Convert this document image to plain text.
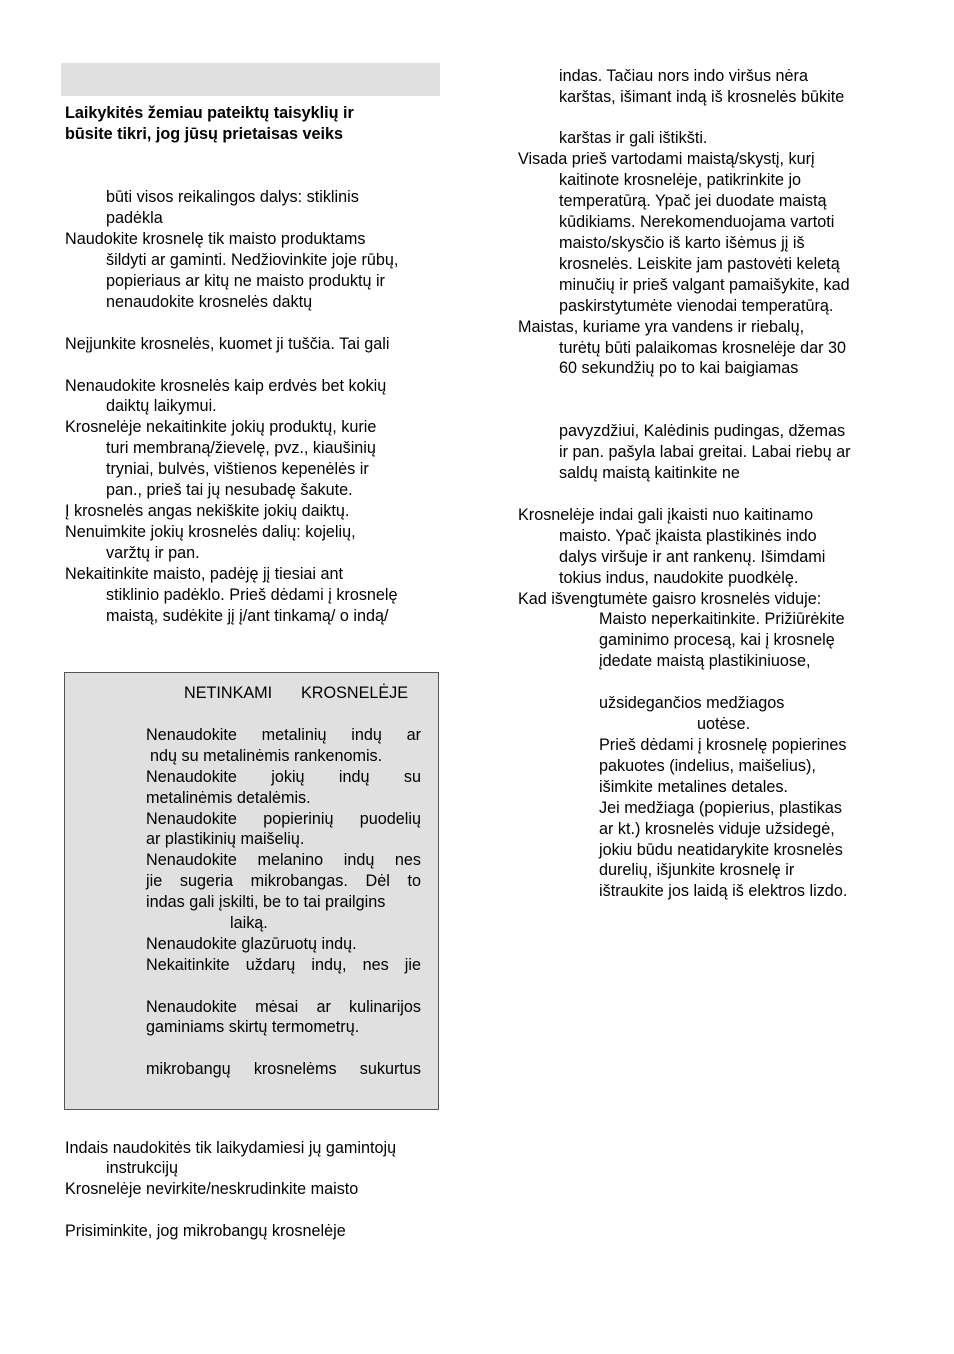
Laikykitės žemiau pateiktų taisyklių ir
būsite tikri, jog jūsų prietaisas veiks
būti visos reikalingos dalys: stiklinis
padėkla
Naudokite krosnelę tik maisto produktams
šildyti ar gaminti. Nedžiovinkite joje rūbų,
popieriaus ar kitų ne maisto produktų ir
nenaudokite krosnelės daktų
Neįjunkite krosnelės, kuomet ji tuščia. Tai gali
Nenaudokite krosnelės kaip erdvės bet kokių
daiktų laikymui.
Krosnelėje nekaitinkite jokių produktų, kurie
turi membraną/žievelę, pvz., kiaušinių
tryniai, bulvės, vištienos kepenėlės ir
pan., prieš tai jų nesubadę šakute.
Į krosnelės angas nekiškite jokių daiktų.
Nenuimkite jokių krosnelės dalių: kojelių,
varžtų ir pan.
Nekaitinkite maisto, padėję jį tiesiai ant
stiklinio padėklo. Prieš dėdami į krosnelę
maistą, sudėkite jį į/ant tinkamą/ o indą/
NETINKAMI KROSNELĖJE
Nenaudokite metalinių indų ar
ndų su metalinėmis rankenomis.
Nenaudokite jokių indų su
metalinėmis detalėmis.
Nenaudokite popierinių puodelių
ar plastikinių maišelių.
Nenaudokite melanino indų nes
jie sugeria mikrobangas. Dėl to
indas gali įskilti, be to tai prailgins
laiką.
Nenaudokite glazūruotų indų.
Nekaitinkite uždarų indų, nes jie
Nenaudokite mėsai ar kulinarijos
gaminiams skirtų termometrų.
mikrobangų krosnelėms sukurtus
Indais naudokitės tik laikydamiesi jų gamintojų
instrukcijų
Krosnelėje nevirkite/neskrudinkite maisto
Prisiminkite, jog mikrobangų krosnelėje
indas. Tačiau nors indo viršus nėra
karštas, išimant indą iš krosnelės būkite
karštas ir gali ištikšti.
Visada prieš vartodami maistą/skystį, kurį
kaitinote krosnelėje, patikrinkite jo
temperatūrą. Ypač jei duodate maistą
kūdikiams. Nerekomenduojama vartoti
maisto/skysčio iš karto išėmus jį iš
krosnelės. Leiskite jam pastovėti keletą
minučių ir prieš valgant pamaišykite, kad
paskirstytumėte vienodai temperatūrą.
Maistas, kuriame yra vandens ir riebalų,
turėtų būti palaikomas krosnelėje dar 30
60 sekundžių po to kai baigiamas
pavyzdžiui, Kalėdinis pudingas, džemas
ir pan. pašyla labai greitai. Labai riebų ar
saldų maistą kaitinkite ne
Krosnelėje indai gali įkaisti nuo kaitinamo
maisto. Ypač įkaista plastikinės indo
dalys viršuje ir ant rankenų. Išimdami
tokius indus, naudokite puodkėlę.
Kad išvengtumėte gaisro krosnelės viduje:
Maisto neperkaitinkite. Prižiūrėkite
gaminimo procesą, kai į krosnelę
įdedate maistą plastikiniuose,
užsidegančios medžiagos
uotėse.
Prieš dėdami į krosnelę popierines
pakuotes (indelius, maišelius),
išimkite metalines detales.
Jei medžiaga (popierius, plastikas
ar kt.) krosnelės viduje užsidegė,
jokiu būdu neatidarykite krosnelės
durelių, išjunkite krosnelę ir
ištraukite jos laidą iš elektros lizdo.
